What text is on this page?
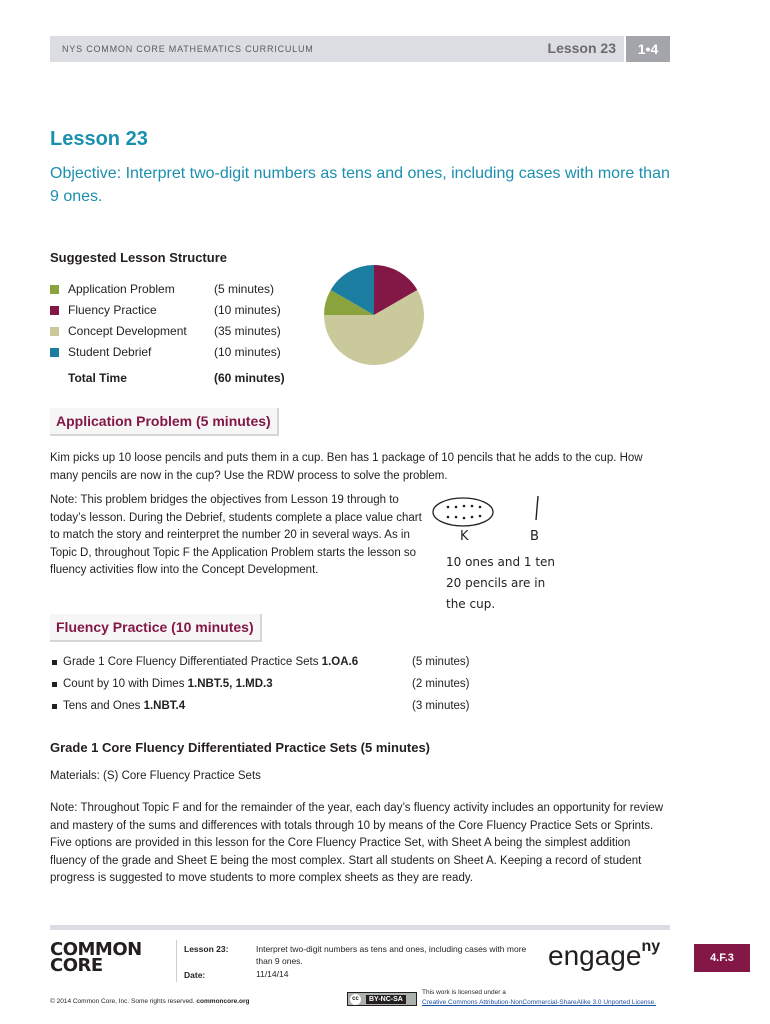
NYS COMMON CORE MATHEMATICS CURRICULUM	Lesson 23	1•4
Lesson 23
Objective: Interpret two-digit numbers as tens and ones, including cases with more than 9 ones.
Suggested Lesson Structure
Application Problem	(5 minutes)
Fluency Practice	(10 minutes)
Concept Development (35 minutes)
Student Debrief	(10 minutes)
Total Time	(60 minutes)
Application Problem (5 minutes)
Kim picks up 10 loose pencils and puts them in a cup. Ben has 1 package of 10 pencils that he adds to the cup. How many pencils are now in the cup? Use the RDW process to solve the problem.
Note: This problem bridges the objectives from Lesson 19 through to today’s lesson. During the Debrief, students complete a place value chart to match the story and reinterpret the number 20 in several ways. As in Topic D, throughout Topic F the Application Problem starts the lesson so fluency activities flow into the Concept Development.
K	B
10 ones and 1 ten
20 pencils are in
the cup.
Fluency Practice (10 minutes)
Grade 1 Core Fluency Differentiated Practice Sets 1.OA.6	(5 minutes)
Count by 10 with Dimes 1.NBT.5, 1.MD.3	(2 minutes)
Tens and Ones 1.NBT.4	(3 minutes)
Grade 1 Core Fluency Differentiated Practice Sets (5 minutes)
Materials: (S) Core Fluency Practice Sets
Note: Throughout Topic F and for the remainder of the year, each day’s fluency activity includes an opportunity for review and mastery of the sums and differences with totals through 10 by means of the Core Fluency Practice Sets or Sprints. Five options are provided in this lesson for the Core Fluency Practice Set, with Sheet A being the simplest addition fluency of the grade and Sheet E being the most complex. Start all students on Sheet A. Keeping a record of student progress is suggested to move students to more complex sheets as they are ready.
COMMON
CORE
Lesson 23:	Interpret two-digit numbers as tens and ones, including cases with more than 9 ones.
Date:	11/14/14
engage$^{ny}$
4.F.3
© 2014 Common Core, Inc. Some rights reserved. commoncore.org	cc	BY-NC-SA
This work is licensed under a
Creative Commons Attribution-NonCommercial-ShareAlike 3.0 Unported License.
